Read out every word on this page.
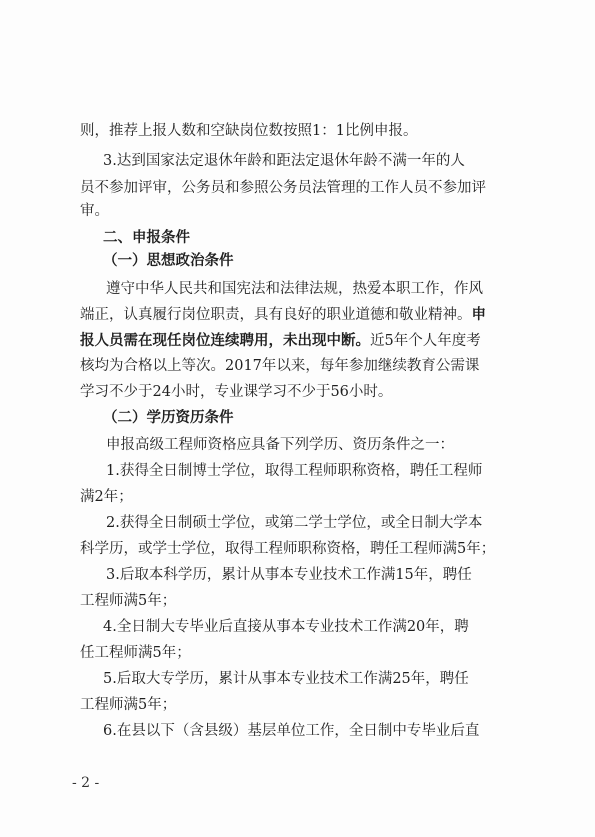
则，推荐上报人数和空缺岗位数按照1：1比例申报。
3.达到国家法定退休年龄和距法定退休年龄不满一年的人
员不参加评审，公务员和参照公务员法管理的工作人员不参加评
审。
二、申报条件
（一）思想政治条件
遵守中华人民共和国宪法和法律法规，热爱本职工作，作风
端正，认真履行岗位职责，具有良好的职业道德和敬业精神。申
报人员需在现任岗位连续聘用，未出现中断。近5年个人年度考
核均为合格以上等次。2017年以来，每年参加继续教育公需课
学习不少于24小时，专业课学习不少于56小时。
（二）学历资历条件
申报高级工程师资格应具备下列学历、资历条件之一：
1.获得全日制博士学位，取得工程师职称资格，聘任工程师
满2年；
2.获得全日制硕士学位，或第二学士学位，或全日制大学本
科学历，或学士学位，取得工程师职称资格，聘任工程师满5年；
3.后取本科学历，累计从事本专业技术工作满15年，聘任
工程师满5年；
4.全日制大专毕业后直接从事本专业技术工作满20年，聘
任工程师满5年；
5.后取大专学历，累计从事本专业技术工作满25年，聘任
工程师满5年；
6.在县以下（含县级）基层单位工作，全日制中专毕业后直
- 2 -
